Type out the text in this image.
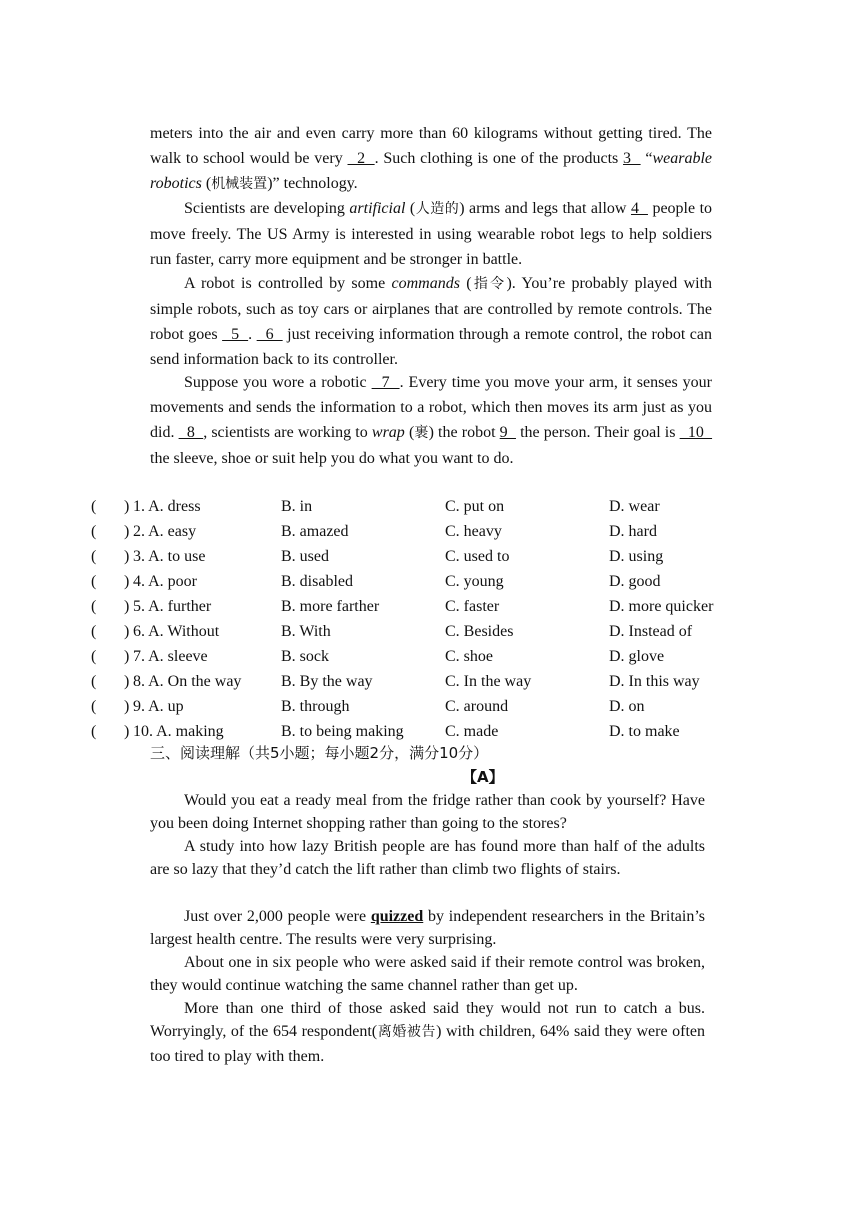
meters into the air and even carry more than 60 kilograms without getting tired. The walk to school would be very   2  . Such clothing is one of the products 3   “wearable robotics (机械装置)” technology.

Scientists are developing artificial (人造的) arms and legs that allow 4   people to move freely. The US Army is interested in using wearable robot legs to help soldiers run faster, carry more equipment and be stronger in battle.

A robot is controlled by some commands (指令). You’re probably played with simple robots, such as toy cars or airplanes that are controlled by remote controls. The robot goes   5  .   6   just receiving information through a remote control, the robot can send information back to its controller.

Suppose you wore a robotic   7  . Every time you move your arm, it senses your movements and sends the information to a robot, which then moves its arm just as you did.   8  , scientists are working to wrap (裹) the robot 9   the person. Their goal is   10   the sleeve, shoe or suit help you do what you want to do.

( ) 1. A. dress	B. in	C. put on	D. wear
( ) 2. A. easy	B. amazed	C. heavy	D. hard
( ) 3. A. to use	B. used	C. used to	D. using
( ) 4. A. poor	B. disabled	C. young	D. good
( ) 5. A. further	B. more farther	C. faster	D. more quicker
( ) 6. A. Without	B. With	C. Besides	D. Instead of
( ) 7. A. sleeve	B. sock	C. shoe	D. glove
( ) 8. A. On the way B. By the way	C. In the way	D. In this way
( ) 9. A. up	B. through	C. around	D. on
( ) 10. A. making	B. to being making	C. made	D. to make
三、阅读理解（共5小题；每小题2分，满分10分）
【A】

Would you eat a ready meal from the fridge rather than cook by yourself? Have you been doing Internet shopping rather than going to the stores?

A study into how lazy British people are has found more than half of the adults are so lazy that they’d catch the lift rather than climb two flights of stairs.

Just over 2,000 people were quizzed by independent researchers in the Britain’s largest health centre. The results were very surprising.

About one in six people who were asked said if their remote control was broken, they would continue watching the same channel rather than get up.

More than one third of those asked said they would not run to catch a bus. Worryingly, of the 654 respondent(离婚被告) with children, 64% said they were often too tired to play with them.
